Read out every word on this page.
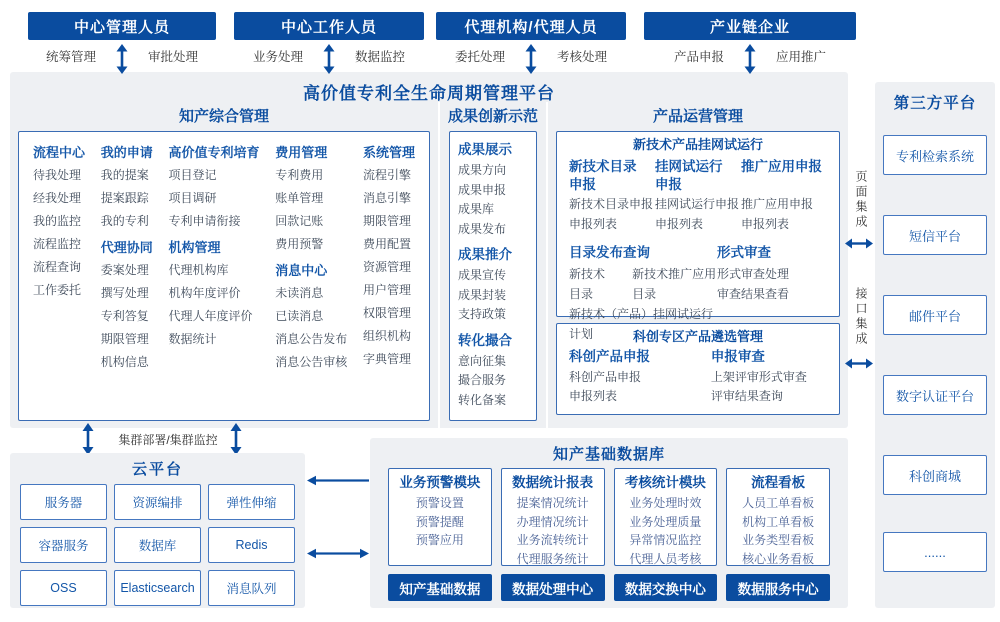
中心管理人员
统筹管理	审批处理
中心工作人员
业务处理	数据监控
代理机构/代理人员
委托处理	考核处理
产业链企业
产品申报	应用推广
高价值专利全生命周期管理平台
知产综合管理
流程中心
待我处理
经我处理
我的监控
流程监控
流程查询
工作委托
我的申请
我的提案
提案跟踪
我的专利
代理协同
委案处理
撰写处理
专利答复
期限管理
机构信息
高价值专利培育
项目登记
项目调研
专利申请衔接
机构管理
代理机构库
机构年度评价
代理人年度评价
数据统计
费用管理
专利费用
账单管理
回款记账
费用预警
消息中心
未读消息
已读消息
消息公告发布
消息公告审核
系统管理
流程引擎
消息引擎
期限管理
费用配置
资源管理
用户管理
权限管理
组织机构
字典管理
成果创新示范
成果展示
成果方向
成果申报
成果库
成果发布
成果推介
成果宣传
成果封装
支持政策
转化撮合
意向征集
撮合服务
转化备案
产品运营管理
新技术产品挂网试运行
新技术目录
申报
新技术目录申报
申报列表
挂网试运行
申报
挂网试运行申报
申报列表
推广应用申报
推广应用申报
申报列表
目录发布查询
新技术目录
新技术推广应用目录
新技术（产品）挂网试运行计划
形式审查
形式审查处理
审查结果查看
科创专区产品遴选管理
科创产品申报
科创产品申报
申报列表
申报审查
上架评审形式审查
评审结果查询
页面集成
接口集成
第三方平台
专利检索系统
短信平台
邮件平台
数字认证平台
科创商城
......
集群部署/集群监控
云平台
服务器	资源编排	弹性伸缩
容器服务	数据库	Redis
OSS	Elasticsearch	消息队列
知产基础数据库
业务预警模块
预警设置
预警提醒
预警应用
知产基础数据
数据统计报表
提案情况统计
办理情况统计
业务流转统计
代理服务统计
数据处理中心
考核统计模块
业务处理时效
业务处理质量
异常情况监控
代理人员考核
数据交换中心
流程看板
人员工单看板
机构工单看板
业务类型看板
核心业务看板
数据服务中心
